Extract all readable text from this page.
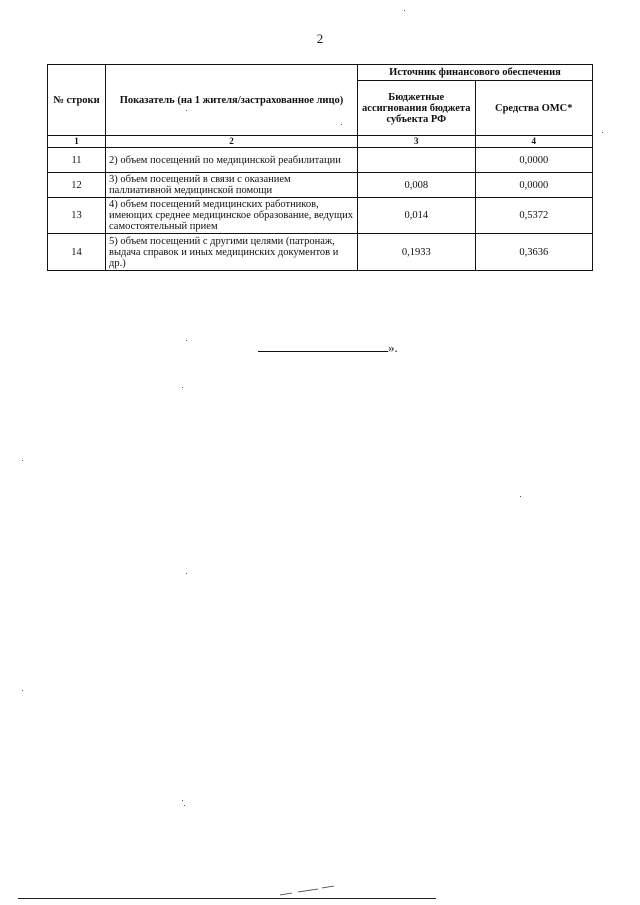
2
№ строки	Показатель (на 1 жителя/застрахованное лицо)	Источник финансового обеспечения	
		Бюджетные ассигнования бюджета субъекта РФ	Средства ОМС*
1	2	3	4
11	2) объем посещений по медицинской реабилитации		0,0000
12	3) объем посещений в связи с оказанием паллиативной медицинской помощи	0,008	0,0000
13	4) объем посещений медицинских работников, имеющих среднее медицинское образование, ведущих самостоятельный прием	0,014	0,5372
14	5) объем посещений с другими целями (патронаж, выдача справок и иных медицинских документов и др.)	0,1933	0,3636
».
